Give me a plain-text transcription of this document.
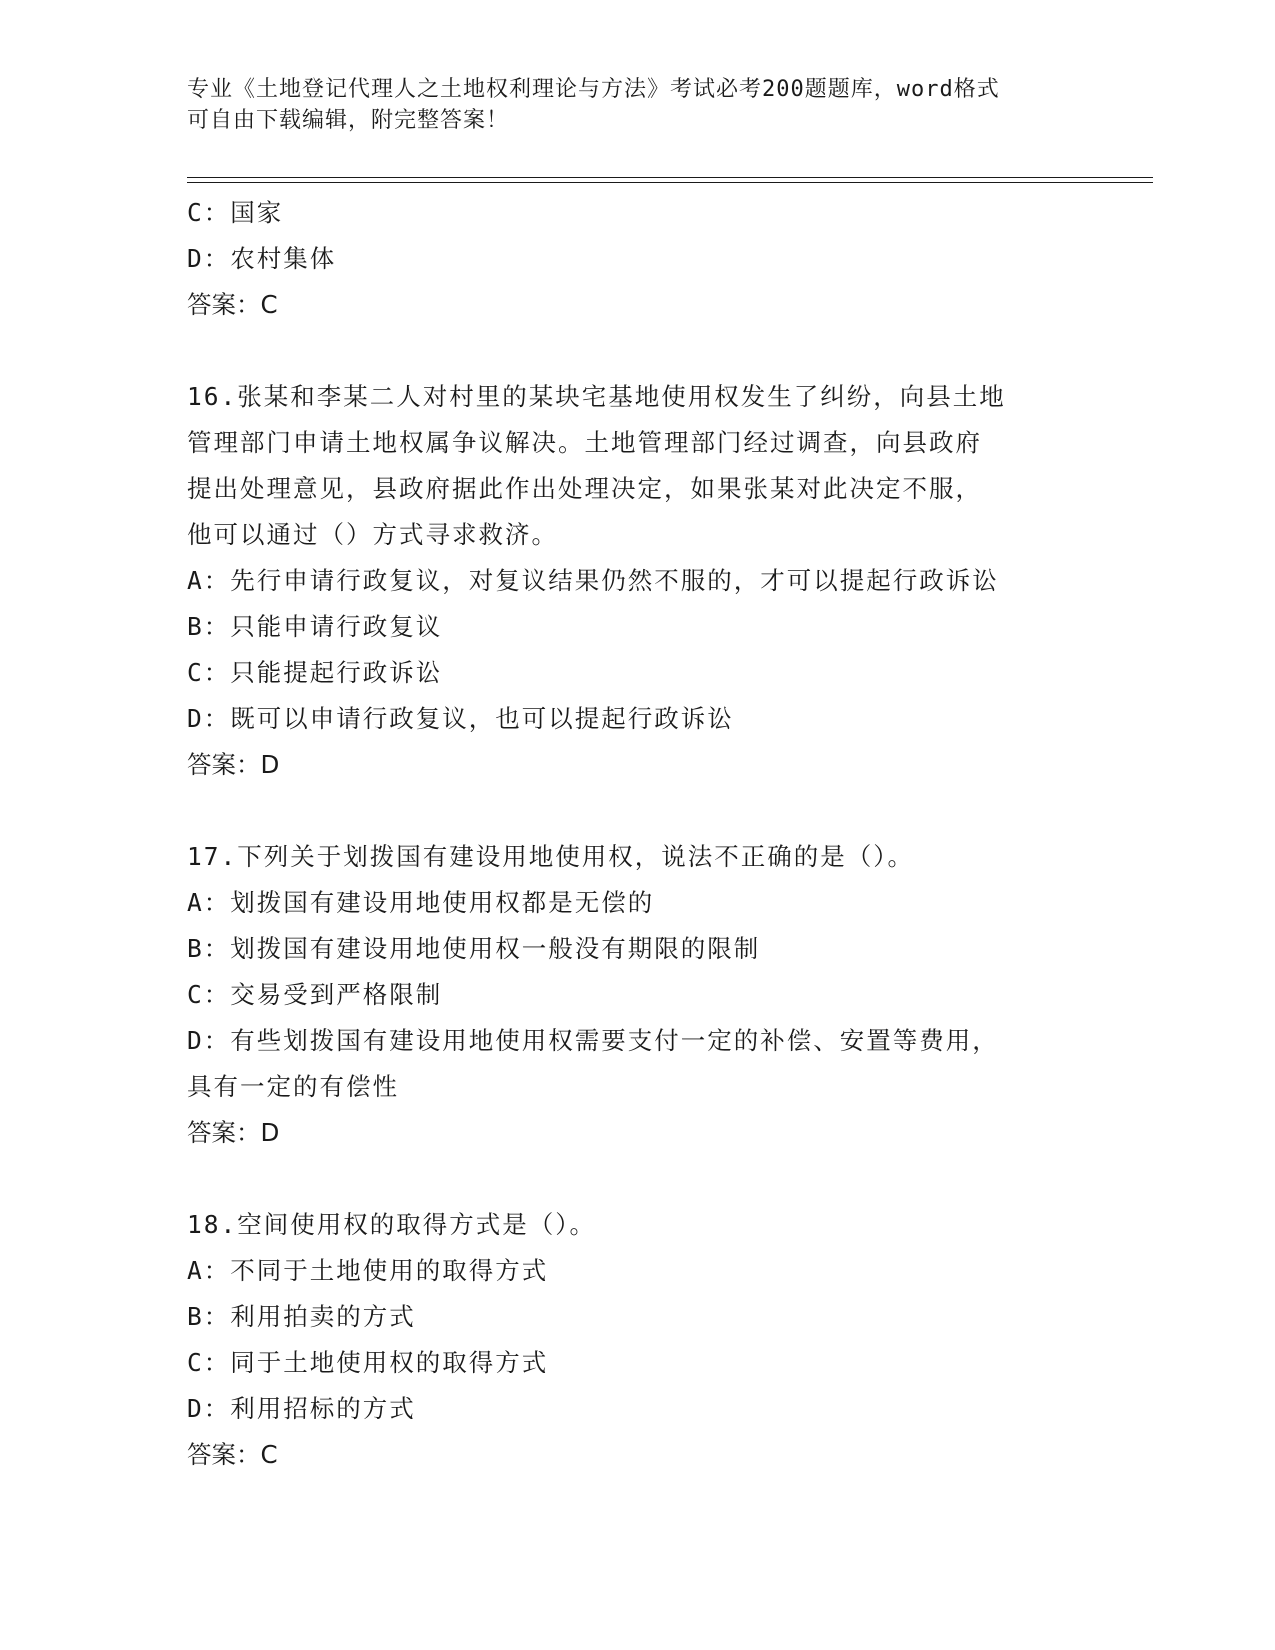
专业《土地登记代理人之土地权利理论与方法》考试必考200题题库，word格式
可自由下载编辑，附完整答案！
C：国家
D：农村集体
答案：C
16.张某和李某二人对村里的某块宅基地使用权发生了纠纷，向县土地
管理部门申请土地权属争议解决。土地管理部门经过调查，向县政府
提出处理意见，县政府据此作出处理决定，如果张某对此决定不服，
他可以通过（）方式寻求救济。
A：先行申请行政复议，对复议结果仍然不服的，才可以提起行政诉讼
B：只能申请行政复议
C：只能提起行政诉讼
D：既可以申请行政复议，也可以提起行政诉讼
答案：D
17.下列关于划拨国有建设用地使用权，说法不正确的是（）。
A：划拨国有建设用地使用权都是无偿的
B：划拨国有建设用地使用权一般没有期限的限制
C：交易受到严格限制
D：有些划拨国有建设用地使用权需要支付一定的补偿、安置等费用，
具有一定的有偿性
答案：D
18.空间使用权的取得方式是（）。
A：不同于土地使用的取得方式
B：利用拍卖的方式
C：同于土地使用权的取得方式
D：利用招标的方式
答案：C
